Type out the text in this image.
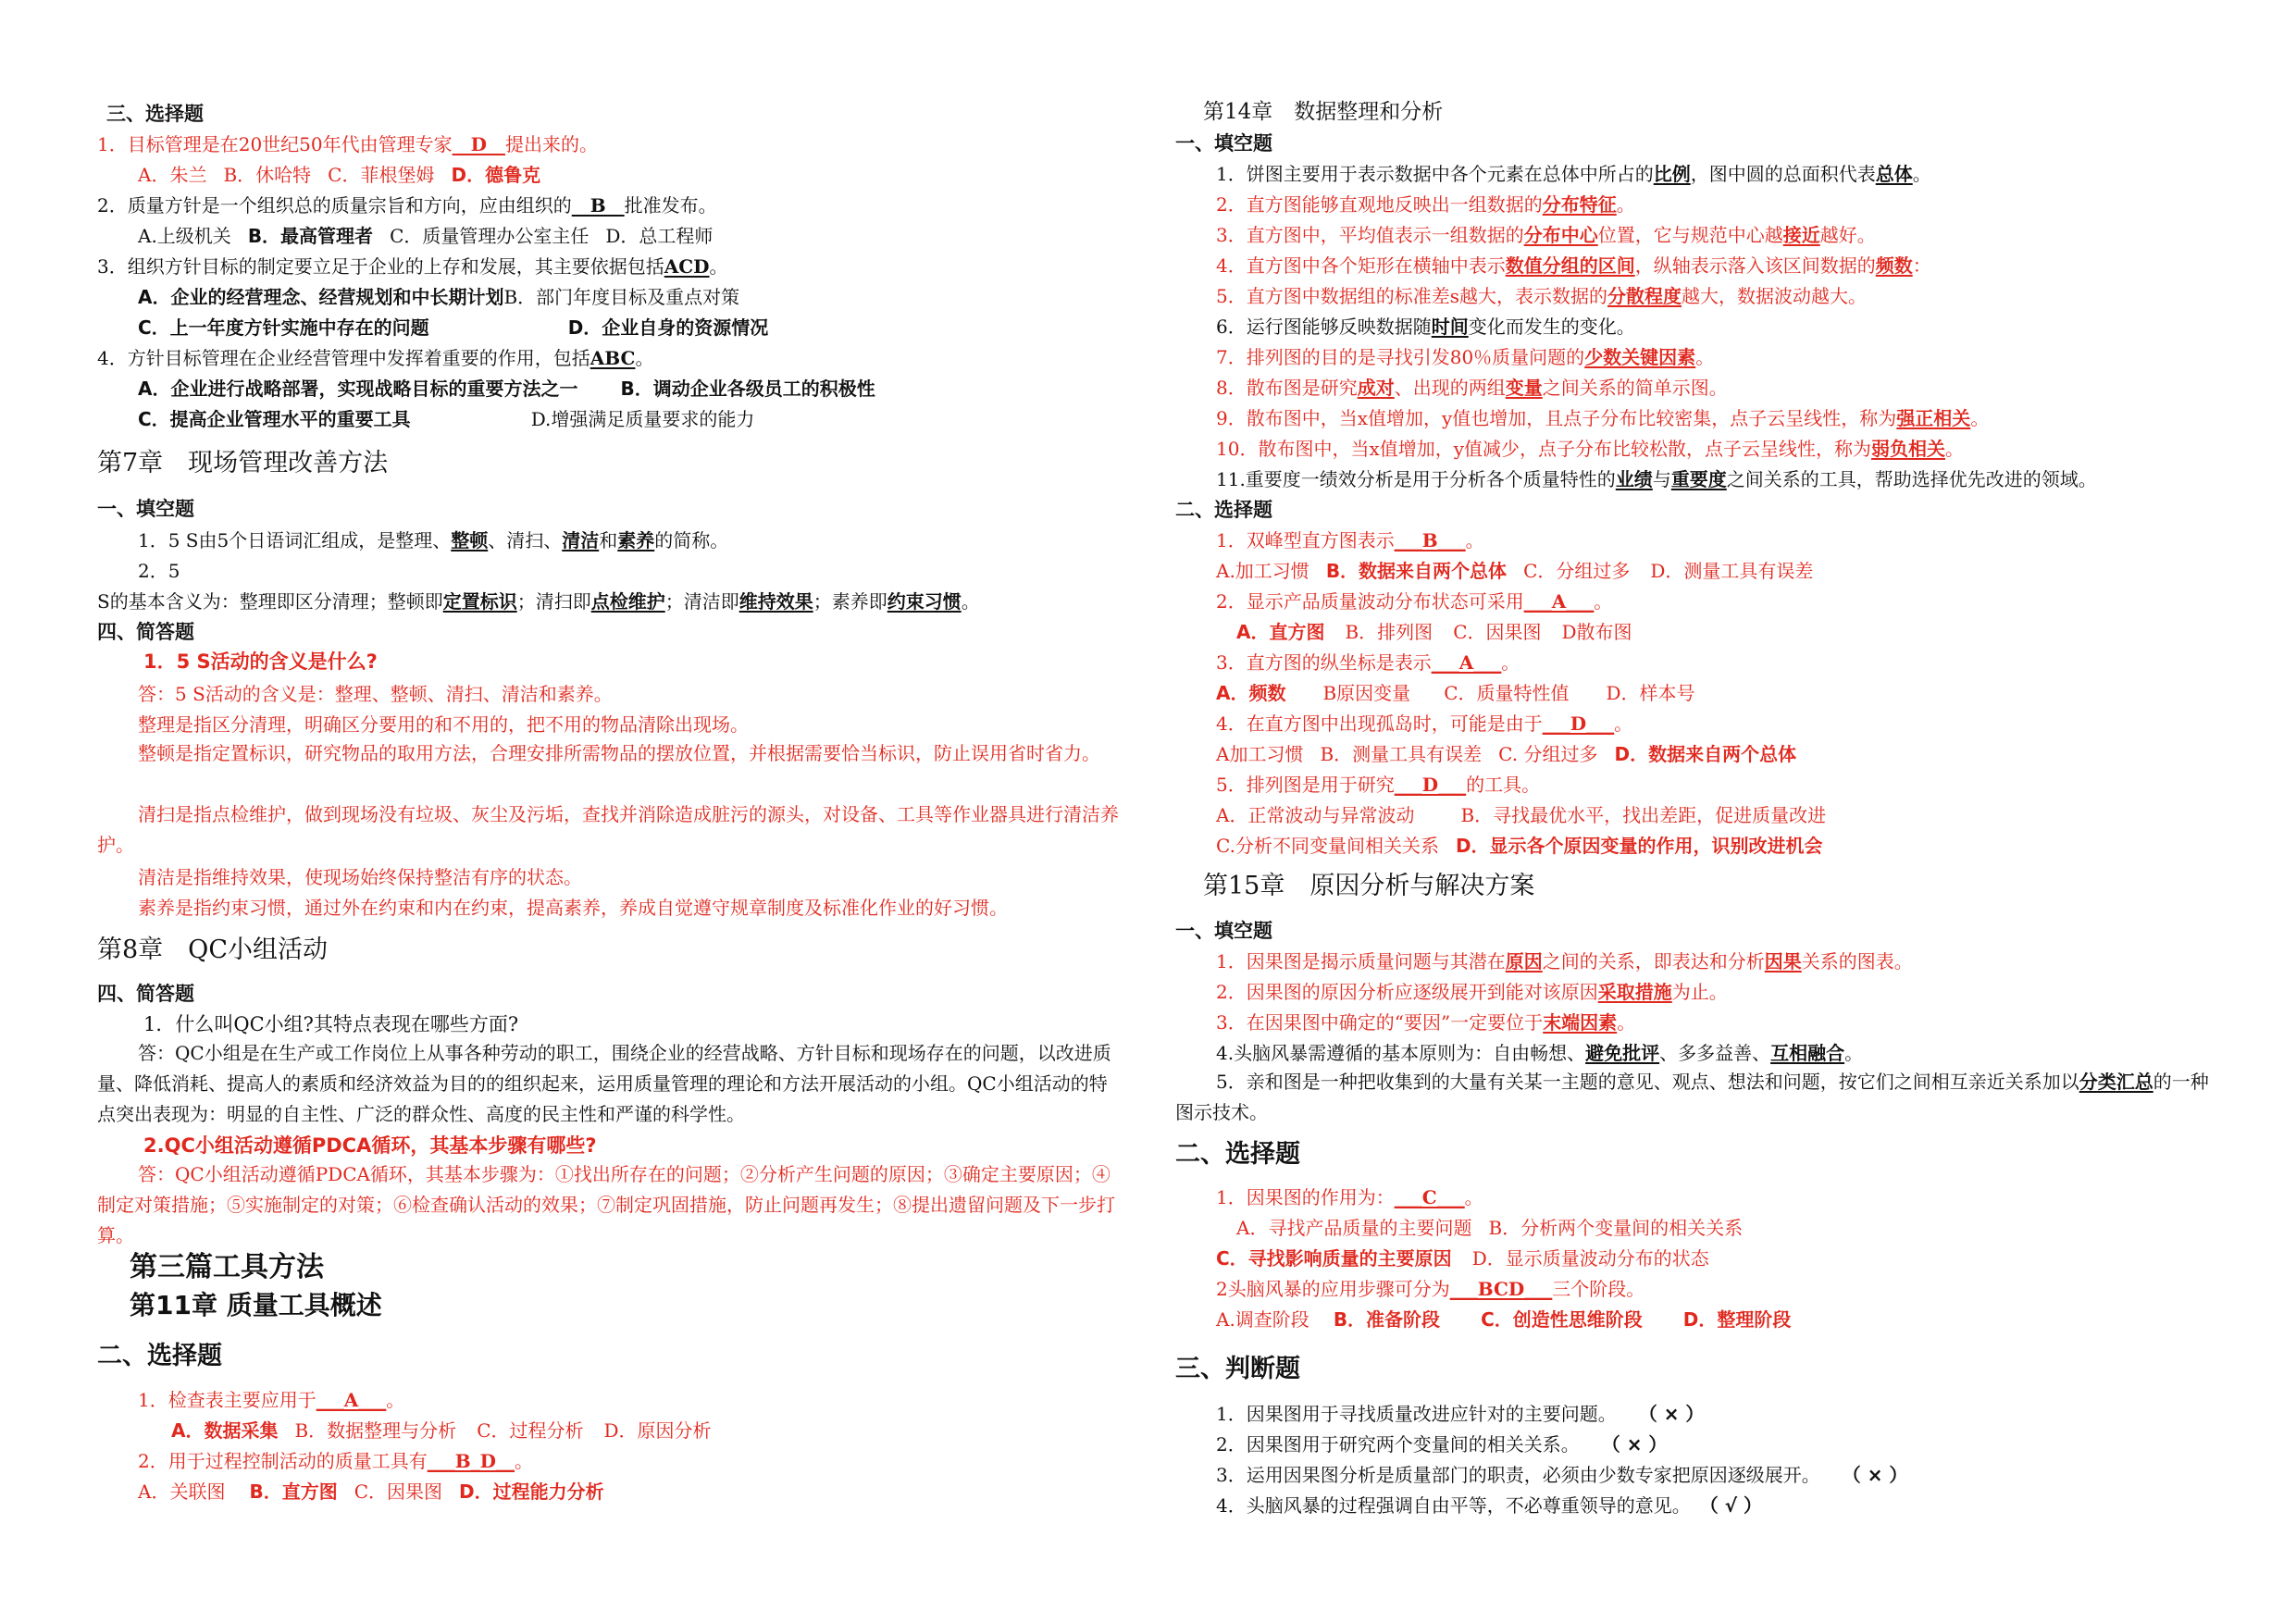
三、选择题
1．目标管理是在20世纪50年代由管理专家　D　提出来的。
A．朱兰 B．休哈特 C．菲根堡姆 D．德鲁克
2．质量方针是一个组织总的质量宗旨和方向，应由组织的　B　批准发布。
A.上级机关 B．最高管理者 C．质量管理办公室主任 D．总工程师
3．组织方针目标的制定要立足于企业的上存和发展，其主要依据包括ACD。
A．企业的经营理念、经营规划和中长期计划B．部门年度目标及重点对策
C．上一年度方针实施中存在的问题	D．企业自身的资源情况
4．方针目标管理在企业经营管理中发挥着重要的作用，包括ABC。
A．企业进行战略部署，实现战略目标的重要方法之一 B．调动企业各级员工的积极性
C．提高企业管理水平的重要工具	D.增强满足质量要求的能力
第7章　现场管理改善方法
一、填空题
1．5 S由5个日语词汇组成，是整理、整顿、清扫、清洁和素养的简称。
2．5
S的基本含义为：整理即区分清理；整顿即定置标识；清扫即点检维护；清洁即维持效果；素养即约束习惯。
四、简答题
1．5 S活动的含义是什么?
答：5 S活动的含义是：整理、整顿、清扫、清洁和素养。
整理是指区分清理，明确区分要用的和不用的，把不用的物品清除出现场。
整顿是指定置标识，研究物品的取用方法，合理安排所需物品的摆放位置，并根据需要恰当标识，防止误用省时省力。
清扫是指点检维护，做到现场没有垃圾、灰尘及污垢，查找并消除造成脏污的源头，对设备、工具等作业器具进行清洁养护。
清洁是指维持效果，使现场始终保持整洁有序的状态。
素养是指约束习惯，通过外在约束和内在约束，提高素养，养成自觉遵守规章制度及标准化作业的好习惯。
第8章　QC小组活动
四、简答题
1．什么叫QC小组?其特点表现在哪些方面?
答：QC小组是在生产或工作岗位上从事各种劳动的职工，围绕企业的经营战略、方针目标和现场存在的问题，以改进质量、降低消耗、提高人的素质和经济效益为目的的组织起来，运用质量管理的理论和方法开展活动的小组。QC小组活动的特点突出表现为：明显的自主性、广泛的群众性、高度的民主性和严谨的科学性。
2.QC小组活动遵循PDCA循环，其基本步骤有哪些?
答：QC小组活动遵循PDCA循环，其基本步骤为：①找出所存在的问题；②分析产生问题的原因；③确定主要原因；④制定对策措施；⑤实施制定的对策；⑥检查确认活动的效果；⑦制定巩固措施，防止问题再发生；⑧提出遗留问题及下一步打算。
第三篇工具方法
第11章 质量工具概述
二、选择题
1．检查表主要应用于___A___。
A．数据采集 B．数据整理与分析 C．过程分析 D．原因分析
2．用于过程控制活动的质量工具有___B_D__。
A．关联图 B．直方图 C．因果图 D．过程能力分析
第14章　数据整理和分析
一、填空题
1．饼图主要用于表示数据中各个元素在总体中所占的比例，图中圆的总面积代表总体。
2．直方图能够直观地反映出一组数据的分布特征。
3．直方图中，平均值表示一组数据的分布中心位置，它与规范中心越接近越好。
4．直方图中各个矩形在横轴中表示数值分组的区间，纵轴表示落入该区间数据的频数：
5．直方图中数据组的标准差s越大，表示数据的分散程度越大，数据波动越大。
6．运行图能够反映数据随时间变化而发生的变化。
7．排列图的目的是寻找引发80％质量问题的少数关键因素。
8．散布图是研究成对、出现的两组变量之间关系的简单示图。
9．散布图中，当x值增加，y值也增加，且点子分布比较密集，点子云呈线性，称为强正相关。
10．散布图中，当x值增加，y值减少，点子分布比较松散，点子云呈线性，称为弱负相关。
11.重要度一绩效分析是用于分析各个质量特性的业绩与重要度之间关系的工具，帮助选择优先改进的领域。
二、选择题
1．双峰型直方图表示___B___。
A.加工习惯 B．数据来自两个总体 C．分组过多 D．测量工具有误差
2．显示产品质量波动分布状态可采用___A___。
A．直方图 B．排列图 C．因果图 D散布图
3．直方图的纵坐标是表示___A___。
A．频数 B原因变量 C．质量特性值 D．样本号
4．在直方图中出现孤岛时，可能是由于___D___。
A加工习惯 B．测量工具有误差 C. 分组过多 D．数据来自两个总体
5．排列图是用于研究___D___的工具。
A．正常波动与异常波动	B．寻找最优水平，找出差距，促进质量改进
C.分析不同变量间相关关系 D．显示各个原因变量的作用，识别改进机会
第15章　原因分析与解决方案
一、填空题
1．因果图是揭示质量问题与其潜在原因之间的关系，即表达和分析因果关系的图表。
2．因果图的原因分析应逐级展开到能对该原因采取措施为止。
3．在因果图中确定的“要因”一定要位于末端因素。
4.头脑风暴需遵循的基本原则为：自由畅想、避免批评、多多益善、互相融合。
5．亲和图是一种把收集到的大量有关某一主题的意见、观点、想法和问题，按它们之间相互亲近关系加以分类汇总的一种图示技术。
二、选择题
1．因果图的作用为：___C___。
A．寻找产品质量的主要问题 B．分析两个变量间的相关关系
C．寻找影响质量的主要原因 D．显示质量波动分布的状态
2头脑风暴的应用步骤可分为___BCD___三个阶段。
A.调查阶段 B．准备阶段 C．创造性思维阶段 D．整理阶段
三、判断题
1．因果图用于寻找质量改进应针对的主要问题。 （ × ）
2．因果图用于研究两个变量间的相关关系。 （ × ）
3．运用因果图分析是质量部门的职责，必须由少数专家把原因逐级展开。 （ × ）
4．头脑风暴的过程强调自由平等，不必尊重领导的意见。 （ √ ）
